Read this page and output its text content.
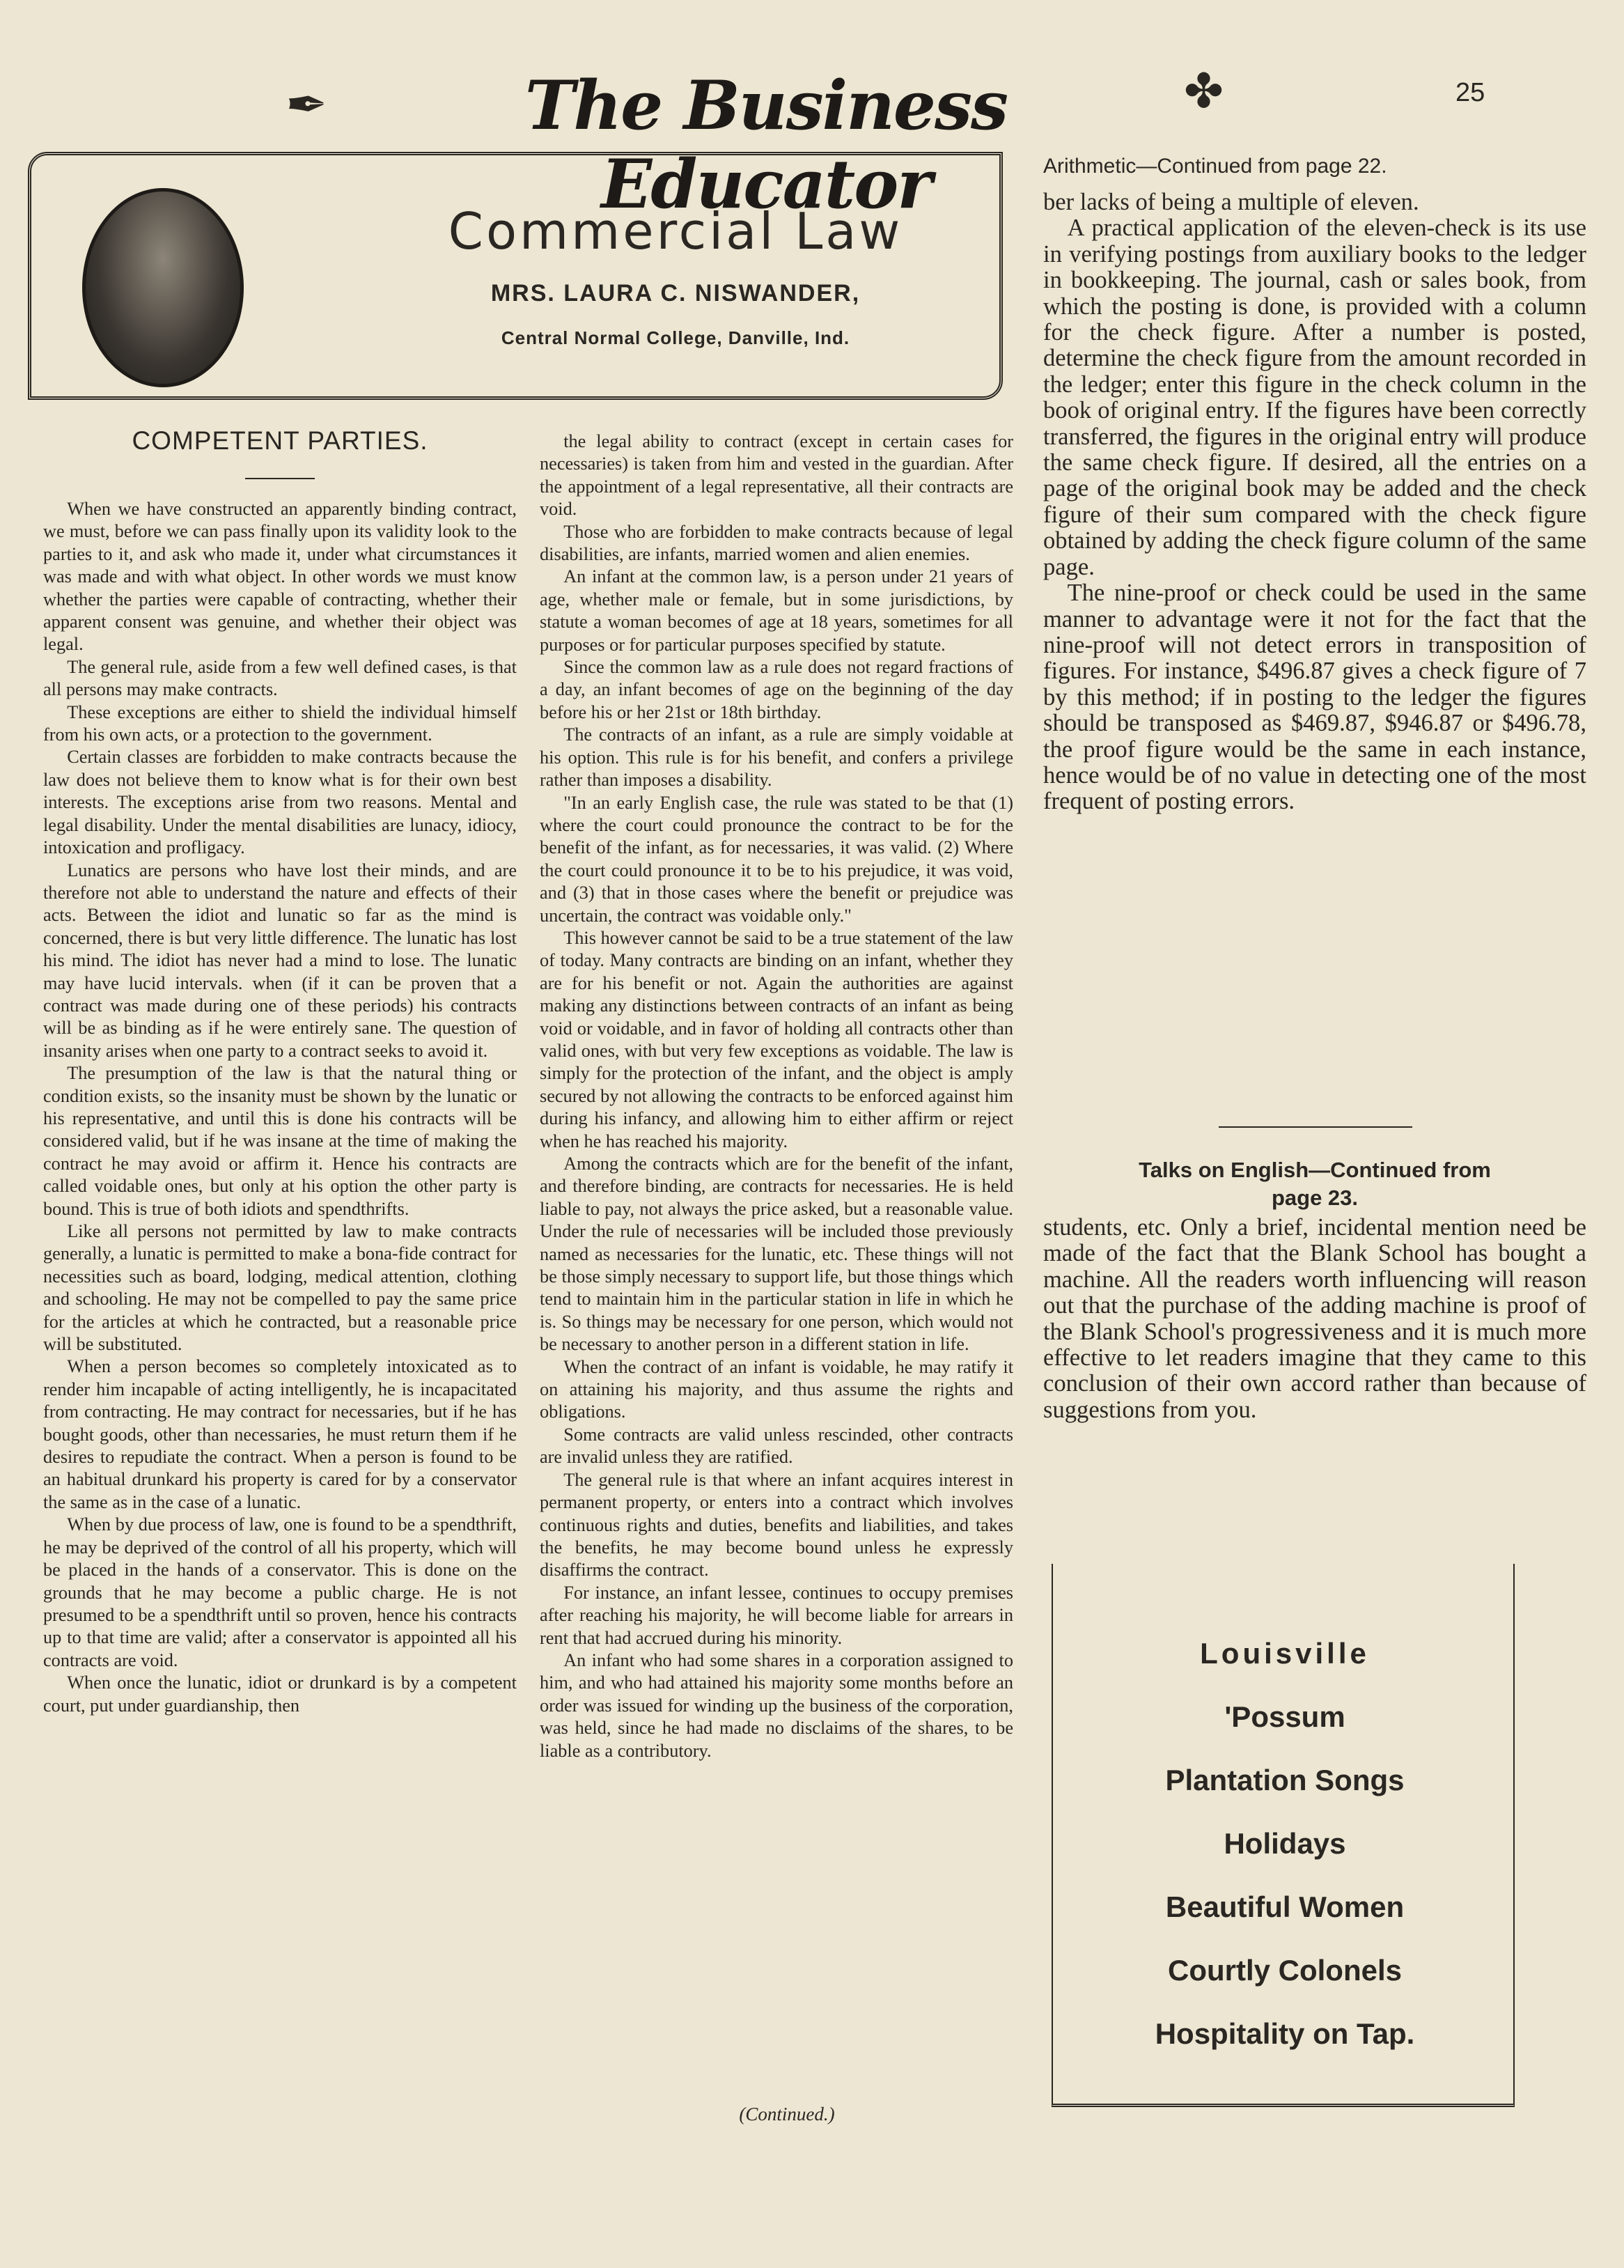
✒	The Business Educator
✤	25
Commercial Law
MRS. LAURA C. NISWANDER,
Central Normal College, Danville, Ind.
COMPETENT PARTIES.

When we have constructed an apparently binding contract, we must, before we can pass finally upon its validity look to the parties to it, and ask who made it, under what circumstances it was made and with what object. In other words we must know whether the parties were capable of contracting, whether their apparent consent was genuine, and whether their object was legal.

The general rule, aside from a few well defined cases, is that all persons may make contracts.

These exceptions are either to shield the individual himself from his own acts, or a protection to the government.

Certain classes are forbidden to make contracts because the law does not believe them to know what is for their own best interests. The exceptions arise from two reasons. Mental and legal disability. Under the mental disabilities are lunacy, idiocy, intoxication and profligacy.

Lunatics are persons who have lost their minds, and are therefore not able to understand the nature and effects of their acts. Between the idiot and lunatic so far as the mind is concerned, there is but very little difference. The lunatic has lost his mind. The idiot has never had a mind to lose. The lunatic may have lucid intervals. when (if it can be proven that a contract was made during one of these periods) his contracts will be as binding as if he were entirely sane. The question of insanity arises when one party to a contract seeks to avoid it.

The presumption of the law is that the natural thing or condition exists, so the insanity must be shown by the lunatic or his representative, and until this is done his contracts will be considered valid, but if he was insane at the time of making the contract he may avoid or affirm it. Hence his contracts are called voidable ones, but only at his option the other party is bound. This is true of both idiots and spendthrifts.

Like all persons not permitted by law to make contracts generally, a lunatic is permitted to make a bona-fide contract for necessities such as board, lodging, medical attention, clothing and schooling. He may not be compelled to pay the same price for the articles at which he contracted, but a reasonable price will be substituted.

When a person becomes so completely intoxicated as to render him incapable of acting intelligently, he is incapacitated from contracting. He may contract for necessaries, but if he has bought goods, other than necessaries, he must return them if he desires to repudiate the contract. When a person is found to be an habitual drunkard his property is cared for by a conservator the same as in the case of a lunatic.

When by due process of law, one is found to be a spendthrift, he may be deprived of the control of all his property, which will be placed in the hands of a conservator. This is done on the grounds that he may become a public charge. He is not presumed to be a spendthrift until so proven, hence his contracts up to that time are valid; after a conservator is appointed all his contracts are void.

When once the lunatic, idiot or drunkard is by a competent court, put under guardianship, then

the legal ability to contract (except in certain cases for necessaries) is taken from him and vested in the guardian. After the appointment of a legal representative, all their contracts are void.

Those who are forbidden to make contracts because of legal disabilities, are infants, married women and alien enemies.

An infant at the common law, is a person under 21 years of age, whether male or female, but in some jurisdictions, by statute a woman becomes of age at 18 years, sometimes for all purposes or for particular purposes specified by statute.

Since the common law as a rule does not regard fractions of a day, an infant becomes of age on the beginning of the day before his or her 21st or 18th birthday.

The contracts of an infant, as a rule are simply voidable at his option. This rule is for his benefit, and confers a privilege rather than imposes a disability.

"In an early English case, the rule was stated to be that (1) where the court could pronounce the contract to be for the benefit of the infant, as for necessaries, it was valid. (2) Where the court could pronounce it to be to his prejudice, it was void, and (3) that in those cases where the benefit or prejudice was uncertain, the contract was voidable only."

This however cannot be said to be a true statement of the law of today. Many contracts are binding on an infant, whether they are for his benefit or not. Again the authorities are against making any distinctions between contracts of an infant as being void or voidable, and in favor of holding all contracts other than valid ones, with but very few exceptions as voidable. The law is simply for the protection of the infant, and the object is amply secured by not allowing the contracts to be enforced against him during his infancy, and allowing him to either affirm or reject when he has reached his majority.

Among the contracts which are for the benefit of the infant, and therefore binding, are contracts for necessaries. He is held liable to pay, not always the price asked, but a reasonable value. Under the rule of necessaries will be included those previously named as necessaries for the lunatic, etc. These things will not be those simply necessary to support life, but those things which tend to maintain him in the particular station in life in which he is. So things may be necessary for one person, which would not be necessary to another person in a different station in life.

When the contract of an infant is voidable, he may ratify it on attaining his majority, and thus assume the rights and obligations.

Some contracts are valid unless rescinded, other contracts are invalid unless they are ratified.

The general rule is that where an infant acquires interest in permanent property, or enters into a contract which involves continuous rights and duties, benefits and liabilities, and takes the benefits, he may become bound unless he expressly disaffirms the contract.

For instance, an infant lessee, continues to occupy premises after reaching his majority, he will become liable for arrears in rent that had accrued during his minority.

An infant who had some shares in a corporation assigned to him, and who had attained his majority some months before an order was issued for winding up the business of the corporation, was held, since he had made no disclaims of the shares, to be liable as a contributory.

(Continued.)
Arithmetic—Continued from page 22.

ber lacks of being a multiple of eleven.

A practical application of the eleven-check is its use in verifying postings from auxiliary books to the ledger in bookkeeping. The journal, cash or sales book, from which the posting is done, is provided with a column for the check figure. After a number is posted, determine the check figure from the amount recorded in the ledger; enter this figure in the check column in the book of original entry. If the figures have been correctly transferred, the figures in the original entry will produce the same check figure. If desired, all the entries on a page of the original book may be added and the check figure of their sum compared with the check figure obtained by adding the check figure column of the same page.

The nine-proof or check could be used in the same manner to advantage were it not for the fact that the nine-proof will not detect errors in transposition of figures. For instance, $496.87 gives a check figure of 7 by this method; if in posting to the ledger the figures should be transposed as $469.87, $946.87 or $496.78, the proof figure would be the same in each instance, hence would be of no value in detecting one of the most frequent of posting errors.

Talks on English—Continued from
page 23.

students, etc. Only a brief, incidental mention need be made of the fact that the Blank School has bought a machine. All the readers worth influencing will reason out that the purchase of the adding machine is proof of the Blank School's progressiveness and it is much more effective to let readers imagine that they came to this conclusion of their own accord rather than because of suggestions from you.

Louisville
'Possum
Plantation Songs
Holidays
Beautiful Women
Courtly Colonels
Hospitality on Tap.
